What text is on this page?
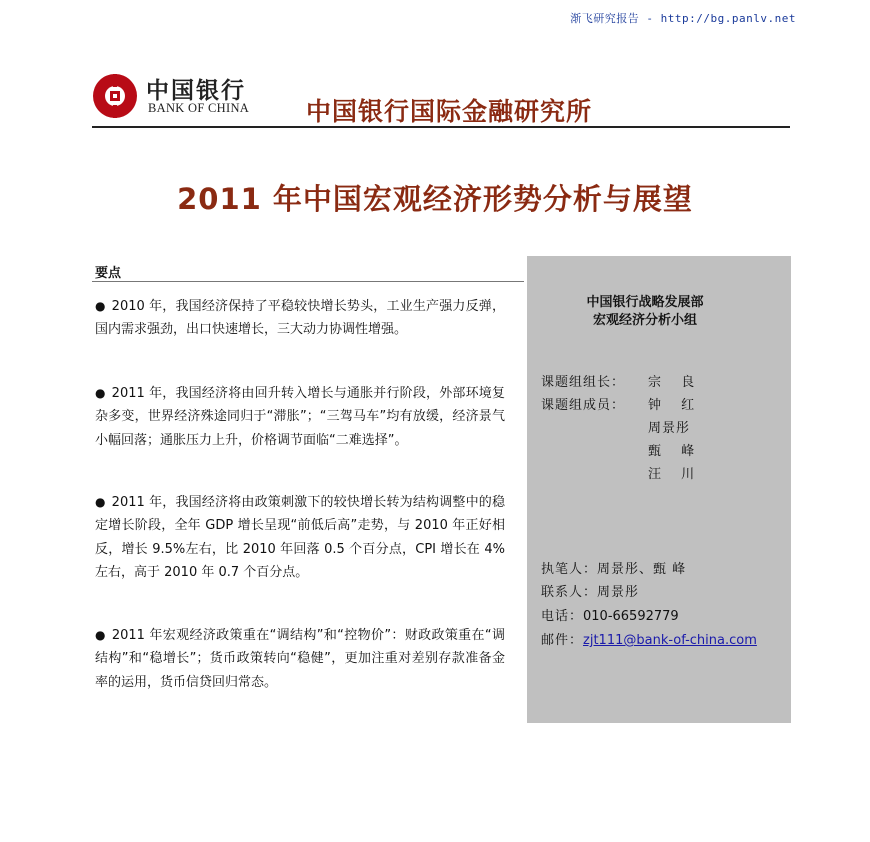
渐飞研究报告 - http://bg.panlv.net
中国银行
BANK OF CHINA 中国银行国际金融研究所
2011 年中国宏观经济形势分析与展望
要点
● 2010 年，我国经济保持了平稳较快增长势头，工业生产强力反弹，国内需求强劲，出口快速增长，三大动力协调性增强。
● 2011 年，我国经济将由回升转入增长与通胀并行阶段，外部环境复杂多变，世界经济殊途同归于“滞胀”；“三驾马车”均有放缓，经济景气小幅回落；通胀压力上升，价格调节面临“二难选择”。
● 2011 年，我国经济将由政策刺激下的较快增长转为结构调整中的稳定增长阶段，全年 GDP 增长呈现“前低后高”走势，与 2010 年正好相反，增长 9.5%左右，比 2010 年回落 0.5 个百分点，CPI 增长在 4%左右，高于 2010 年 0.7 个百分点。
● 2011 年宏观经济政策重在“调结构”和“控物价”：财政政策重在“调结构”和“稳增长”；货币政策转向“稳健”，更加注重对差别存款准备金率的运用，货币信贷回归常态。
中国银行战略发展部
宏观经济分析小组
课题组组长： 宗 良
课题组成员： 钟 红
周景彤
甄 峰
汪 川
执笔人：周景彤、甄 峰
联系人：周景彤
电话：010-66592779
邮件：zjt111@bank-of-china.com
